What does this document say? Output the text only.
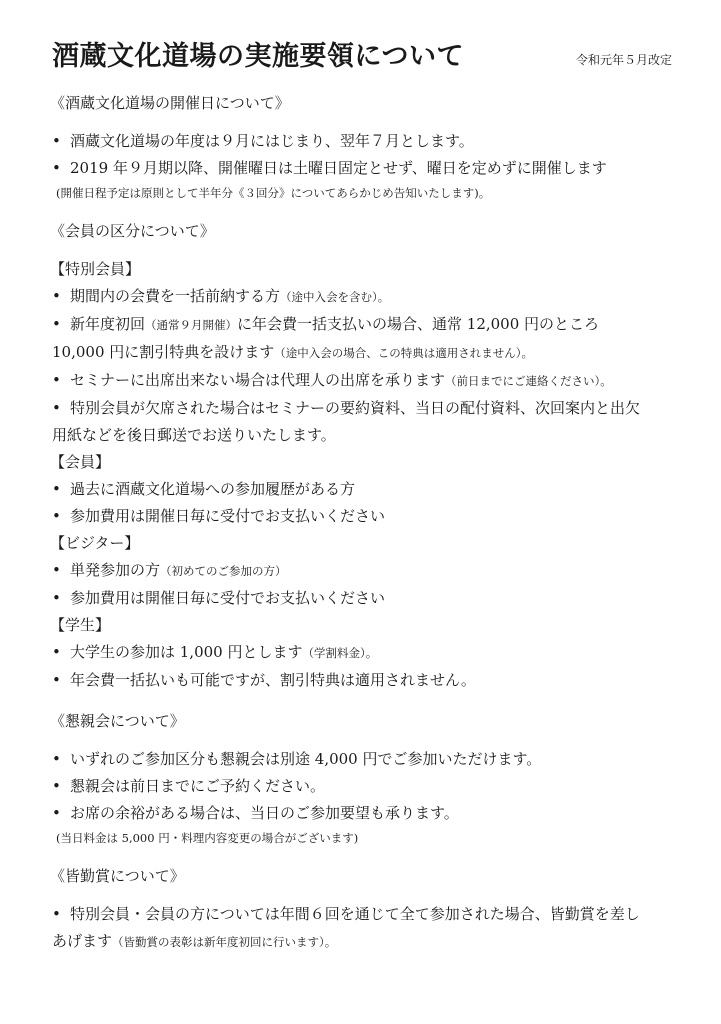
酒蔵文化道場の実施要領について	令和元年５月改定
《酒蔵文化道場の開催日について》
• 酒蔵文化道場の年度は９月にはじまり、翌年７月とします。
• 2019 年９月期以降、開催曜日は土曜日固定とせず、曜日を定めずに開催します
(開催日程予定は原則として半年分《３回分》についてあらかじめ告知いたします)。
《会員の区分について》
【特別会員】
• 期間内の会費を一括前納する方（途中入会を含む）。
• 新年度初回（通常９月開催）に年会費一括支払いの場合、通常 12,000 円のところ
10,000 円に割引特典を設けます（途中入会の場合、この特典は適用されません）。
• セミナーに出席出来ない場合は代理人の出席を承ります（前日までにご連絡ください）。
• 特別会員が欠席された場合はセミナーの要約資料、当日の配付資料、次回案内と出欠
用紙などを後日郵送でお送りいたします。
【会員】
• 過去に酒蔵文化道場への参加履歴がある方
• 参加費用は開催日毎に受付でお支払いください
【ビジター】
• 単発参加の方（初めてのご参加の方）
• 参加費用は開催日毎に受付でお支払いください
【学生】
• 大学生の参加は 1,000 円とします（学割料金）。
• 年会費一括払いも可能ですが、割引特典は適用されません。
《懇親会について》
• いずれのご参加区分も懇親会は別途 4,000 円でご参加いただけます。
• 懇親会は前日までにご予約ください。
• お席の余裕がある場合は、当日のご参加要望も承ります。
(当日料金は 5,000 円・料理内容変更の場合がございます)
《皆勤賞について》
• 特別会員・会員の方については年間６回を通じて全て参加された場合、皆勤賞を差し
あげます（皆勤賞の表彰は新年度初回に行います）。
